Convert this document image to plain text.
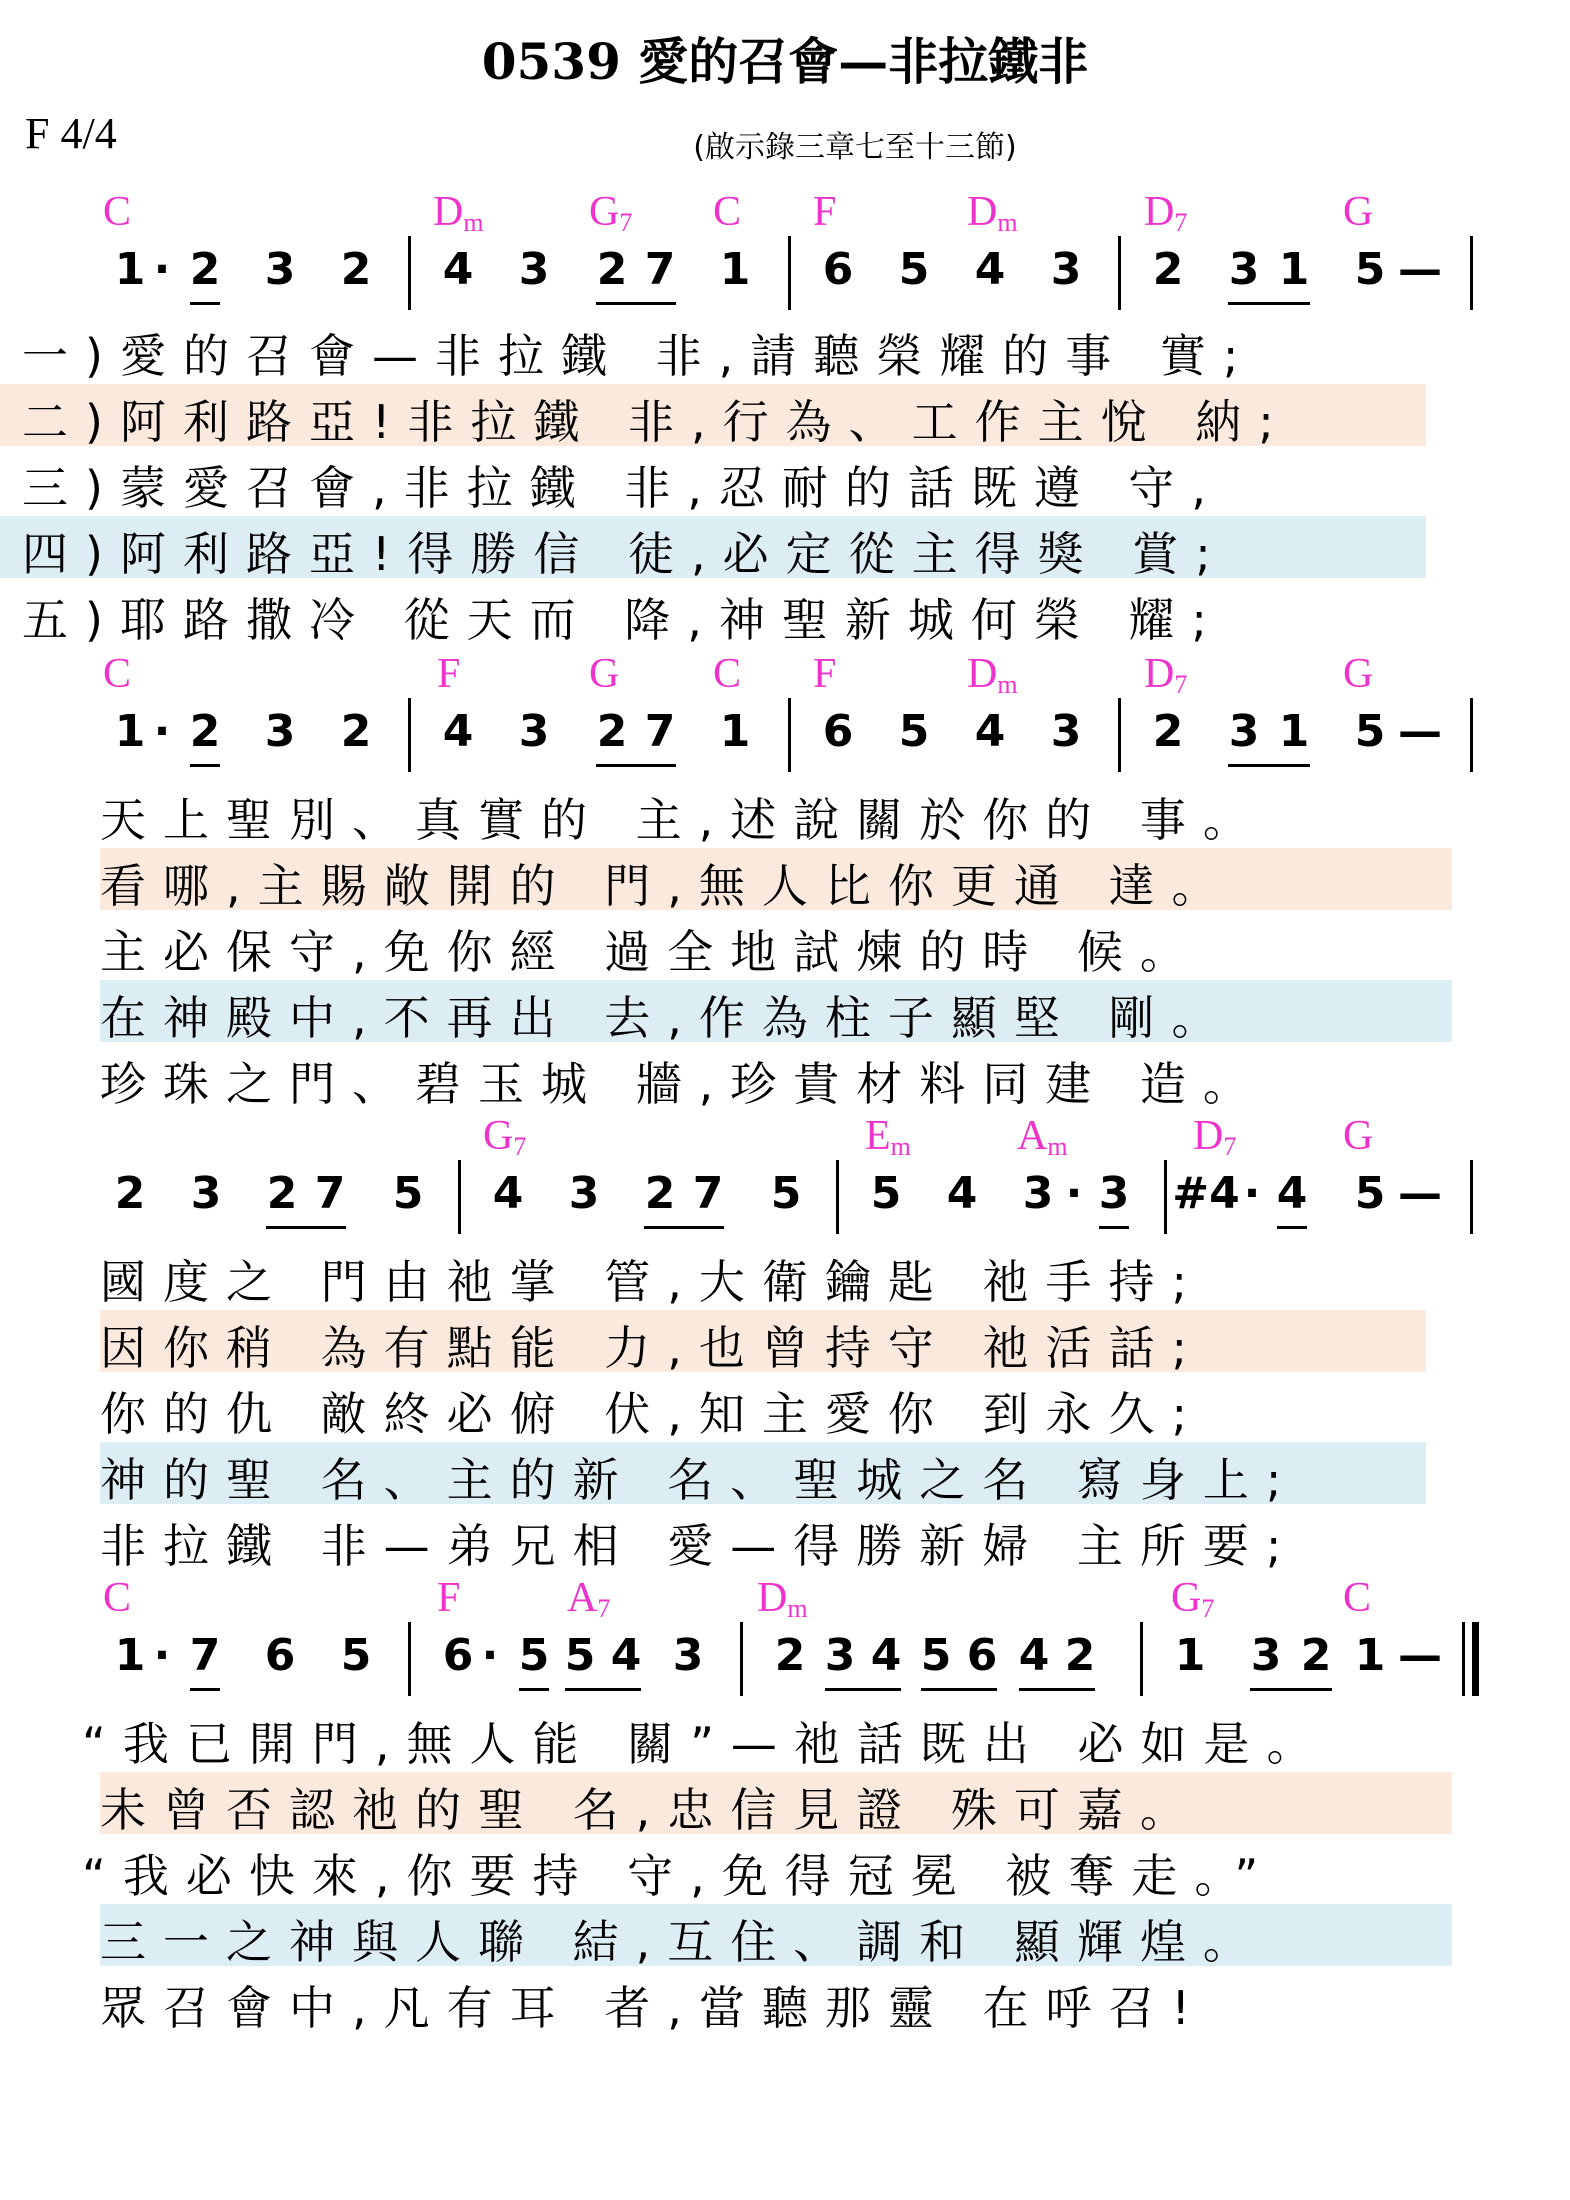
0539 愛的召會—非拉鐵非
F 4/4	(啟示錄三章七至十三節)
C	$D_m$	$G_7$ C F	$D_m$	$D_7$	G
1 · 2 3 2 4 3 2 7 1 6 5 4 3 2 3 1 5 —
一)愛的召會—非拉鐵 非,請聽榮耀的事 實;
二)阿利路亞!非拉鐵 非,行為、工作主悅 納;
三)蒙愛召會,非拉鐵 非,忍耐的話既遵 守,
四)阿利路亞!得勝信 徒,必定從主得獎 賞;
五)耶路撒冷 從天而 降,神聖新城何榮 耀;
C	F	G C F	$D_m$	$D_7$	G
1 · 2 3 2 4 3 2 7 1 6 5 4 3 2 3 1 5 —
天上聖別、真實的 主,述說關於你的 事。
看哪,主賜敞開的 門,無人比你更通 達。
主必保守,免你經 過全地試煉的時 候。
在神殿中,不再出 去,作為柱子顯堅 剛。
珍珠之門、碧玉城 牆,珍貴材料同建 造。
$G_7$	$E_m$	$A_m$	$D_7$	G
2 3 2 7 5 4 3 2 7 5 5 4 3 · 3 #4 · 4 5 —
國度之 門由祂掌 管,大衛鑰匙 祂手持;
因你稍 為有點能 力,也曾持守 祂活話;
你的仇 敵終必俯 伏,知主愛你 到永久;
神的聖 名、主的新 名、聖城之名 寫身上;
非拉鐵 非—弟兄相 愛—得勝新婦 主所要;
C	F	$A_7$	$D_m$	$G_7$	C
1 · 7 6 5 6 · 5 5 4 3 2 3 4 5 6 4 2 1 3 2 1 —
“我已開門,無人能 關”—祂話既出 必如是。
未曾否認祂的聖 名,忠信見證 殊可嘉。
“我必快來,你要持 守,免得冠冕 被奪走。”
三一之神與人聯 結,互住、調和 顯輝煌。
眾召會中,凡有耳 者,當聽那靈 在呼召!
